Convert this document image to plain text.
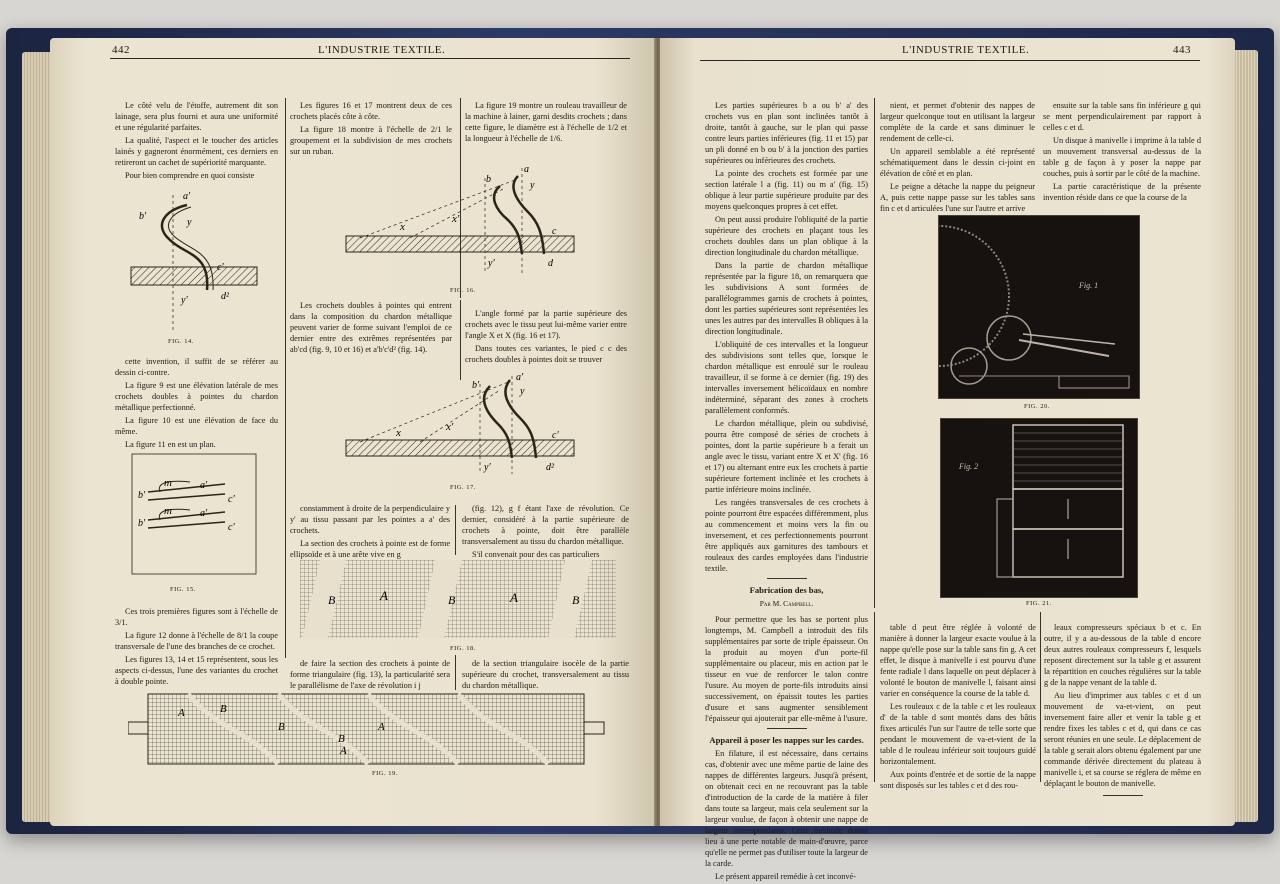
442	L'INDUSTRIE TEXTILE.	L'INDUSTRIE TEXTILE.	443

Le côté velu de l'étoffe, autrement dit son lainage, sera plus fourni et aura une uniformité et une régularité parfaites.

La qualité, l'aspect et le toucher des articles lainés y gagneront énormément, ces derniers en retireront un cachet de supériorité marquante.

Pour bien comprendre en quoi consiste

a'
b'
y
c'
d²
y'
FIG. 14.

cette invention, il suffit de se référer au dessin ci-contre.

La figure 9 est une élévation latérale de mes crochets doubles à pointes du chardon métallique perfectionné.

La figure 10 est une élévation de face du même.

La figure 11 en est un plan.

m	a'
b'	c'
m	a'
b'	c'
FIG. 15.

Ces trois premières figures sont à l'échelle de 3/1.

La figure 12 donne à l'échelle de 8/1 la coupe transversale de l'une des branches de ce crochet.

Les figures 13, 14 et 15 représentent, sous les aspects ci-dessus, l'une des variantes du crochet à double pointe.

Les figures 16 et 17 montrent deux de ces crochets placés côte à côte.

La figure 18 montre à l'échelle de 2/1 le groupement et la subdivision de mes crochets sur un ruban.

La figure 19 montre un rouleau travailleur de la machine à lainer, garni desdits crochets ; dans cette figure, le diamètre est à l'échelle de 1/2 et la longueur à l'échelle de 1/6.

x
x'
b
a
y
c
d
y'
FIG. 16.

Les crochets doubles à pointes qui entrent dans la composition du chardon métallique peuvent varier de forme suivant l'emploi de ce dernier entre des extrêmes représentées par ab'cd (fig. 9, 10 et 16) et a'b'c'd² (fig. 14).

L'angle formé par la partie supérieure des crochets avec le tissu peut lui-même varier entre l'angle X et X (fig. 16 et 17).

Dans toutes ces variantes, le pied c c des crochets doubles à pointes doit se trouver

x	x'
b'
a'
y
c'
d²
y'
FIG. 17.

constamment à droite de la perpendiculaire y y' au tissu passant par les pointes a a' des crochets.

La section des crochets à pointe est de forme ellipsoïde et à une arête vive en g

(fig. 12), g f étant l'axe de révolution. Ce dernier, considéré à la partie supérieure de crochets à pointe, doit être parallèle transversalement au tissu du chardon métallique.

S'il convenait pour des cas particuliers

B	A	B	A	B
FIG. 18.

de faire la section des crochets à pointe de forme triangulaire (fig. 13), la particularité sera le parallélisme de l'axe de révolution i j

de la section triangulaire isocèle de la partie supérieure du crochet, transversalement au tissu du chardon métallique.

A	B
B
B
A
A
FIG. 19.

Les parties supérieures b a ou b' a' des crochets vus en plan sont inclinées tantôt à droite, tantôt à gauche, sur le plan qui passe contre leurs parties inférieures (fig. 11 et 15) par un pli donné en b ou b' à la jonction des parties supérieures ou inférieures des crochets.

La pointe des crochets est formée par une section latérale l a (fig. 11) ou m a' (fig. 15) oblique à leur partie supérieure produite par des moyens quelconques propres à cet effet.

On peut aussi produire l'obliquité de la partie supérieure des crochets en plaçant tous les crochets doubles dans un plan oblique à la direction longitudinale du chardon métallique.

Dans la partie de chardon métallique représentée par la figure 18, on remarquera que les subdivisions A sont formées de parallélogrammes garnis de crochets à pointes, dont les parties supérieures sont représentées les unes les autres par des intervalles B obliques à la direction longitudinale.

L'obliquité de ces intervalles et la longueur des subdivisions sont telles que, lorsque le chardon métallique est enroulé sur le rouleau travailleur, il se forme à ce dernier (fig. 19) des intervalles inversement hélicoïdaux en nombre indéterminé, séparant des zones à crochets parallèlement conformés.

Le chardon métallique, plein ou subdivisé, pourra être composé de séries de crochets à pointes, dont la partie supérieure b a ferait un angle avec le tissu, variant entre X et X' (fig. 16 et 17) ou alternant entre eux les crochets à partie supérieure fortement inclinée et les crochets à partie inférieure moins inclinée.

Les rangées transversales de ces crochets à pointe pourront être espacées différemment, plus au commencement et moins vers la fin ou inversement, et ces perfectionnements pourront être appliqués aux garnitures des tambours et rouleaux des cardes employées dans l'industrie textile.

Fabrication des bas,
Par M. Campbell.

Pour permettre que les bas se portent plus longtemps, M. Campbell a introduit des fils supplémentaires par sorte de triple épaisseur. On la produit au moyen d'un porte-fil supplémentaire ou placeur, mis en action par le tisseur en vue de renforcer le talon contre l'usure. Au moyen de porte-fils introduits ainsi successivement, on épaissit toutes les parties d'usure et sans augmenter sensiblement l'épaisseur qui ajouterait par elle-même à l'usure.

Appareil à poser les nappes sur les cardes.

En filature, il est nécessaire, dans certains cas, d'obtenir avec une même partie de laine des nappes de différentes largeurs. Jusqu'à présent, on obtenait ceci en ne recouvrant pas la table d'introduction de la carde de la matière à filer dans toute sa largeur, mais cela seulement sur la largeur voulue, de façon à obtenir une nappe de largeur correspondante. Cette méthode donne lieu à une perte notable de main-d'œuvre, parce qu'elle ne permet pas d'utiliser toute la largeur de la carde.

Le présent appareil remédie à cet inconvé-

nient, et permet d'obtenir des nappes de largeur quelconque tout en utilisant la largeur complète de la carde et sans diminuer le rendement de celle-ci.

Un appareil semblable a été représenté schématiquement dans le dessin ci-joint en élévation de côté et en plan.

Le peigne a détache la nappe du peigneur A, puis cette nappe passe sur les tables sans fin c et d articulées l'une sur l'autre et arrive

ensuite sur la table sans fin inférieure g qui se ment perpendiculairement par rapport à celles c et d.

Un disque à manivelle i imprime à la table d un mouvement transversal au-dessus de la table g de façon à y poser la nappe par couches, puis à sortir par le côté de la machine.

La partie caractéristique de la présente invention réside dans ce que la course de la

Fig. 1
FIG. 20.
Fig. 2
FIG. 21.

table d peut être réglée à volonté de manière à donner la largeur exacte voulue à la nappe qu'elle pose sur la table sans fin g. A cet effet, le disque à manivelle i est pourvu d'une fente radiale l dans laquelle on peut déplacer à volonté le bouton de manivelle l, faisant ainsi varier en conséquence la course de la table d.

Les rouleaux c de la table c et les rouleaux d' de la table d sont montés dans des bâtis fixes articulés l'un sur l'autre de telle sorte que pendant le mouvement de va-et-vient de la table d le rouleau inférieur soit toujours guidé horizontalement.

Aux points d'entrée et de sortie de la nappe sont disposés sur les tables c et d des rou-

leaux compresseurs spéciaux b et c. En outre, il y a au-dessous de la table d encore deux autres rouleaux compresseurs f, lesquels reposent directement sur la table g et assurent la répartition en couches régulières sur la table g de la nappe venant de la table d.

Au lieu d'imprimer aux tables c et d un mouvement de va-et-vient, on peut inversement faire aller et venir la table g et rendre fixes les tables c et d, qui dans ce cas seront réunies en une seule. Le déplacement de la table g serait alors obtenu également par une commande dérivée directement du plateau à manivelle i, et sa course se réglera de même en déplaçant le bouton de manivelle.
